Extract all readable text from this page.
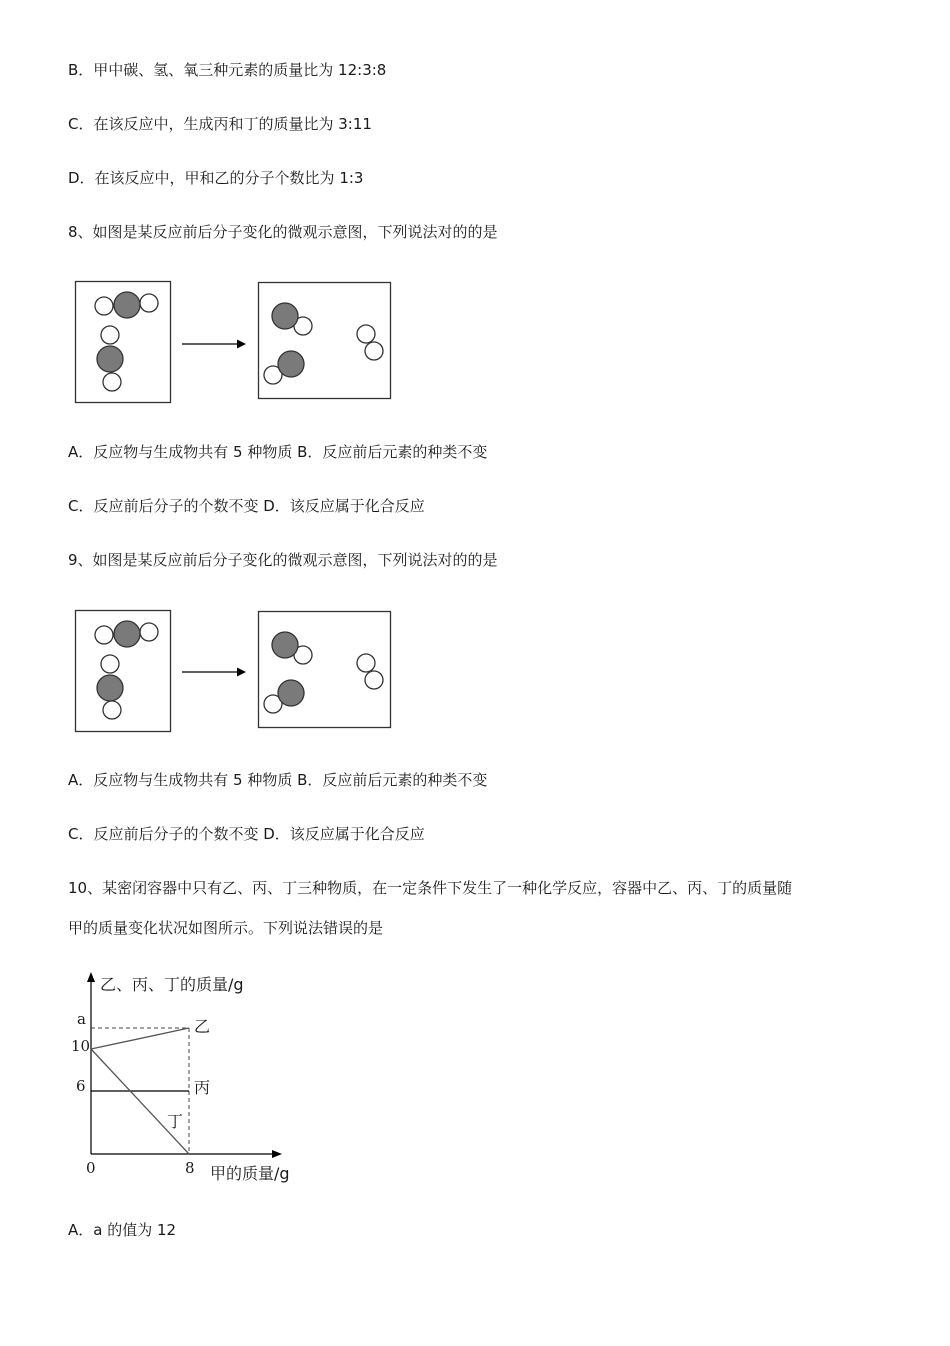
B．甲中碳、氢、氧三种元素的质量比为 12:3:8
C．在该反应中，生成丙和丁的质量比为 3:11
D．在该反应中，甲和乙的分子个数比为 1:3
8、如图是某反应前后分子变化的微观示意图，下列说法对的的是
A．反应物与生成物共有 5 种物质 B．反应前后元素的种类不变
C．反应前后分子的个数不变 D．该反应属于化合反应
9、如图是某反应前后分子变化的微观示意图，下列说法对的的是
A．反应物与生成物共有 5 种物质 B．反应前后元素的种类不变
C．反应前后分子的个数不变 D．该反应属于化合反应
10、某密闭容器中只有乙、丙、丁三种物质，在一定条件下发生了一种化学反应，容器中乙、丙、丁的质量随
甲的质量变化状况如图所示。下列说法错误的是
乙、丙、丁的质量/g
甲的质量/g
0	8
6
10
a	乙
丙
丁
A．a 的值为 12
